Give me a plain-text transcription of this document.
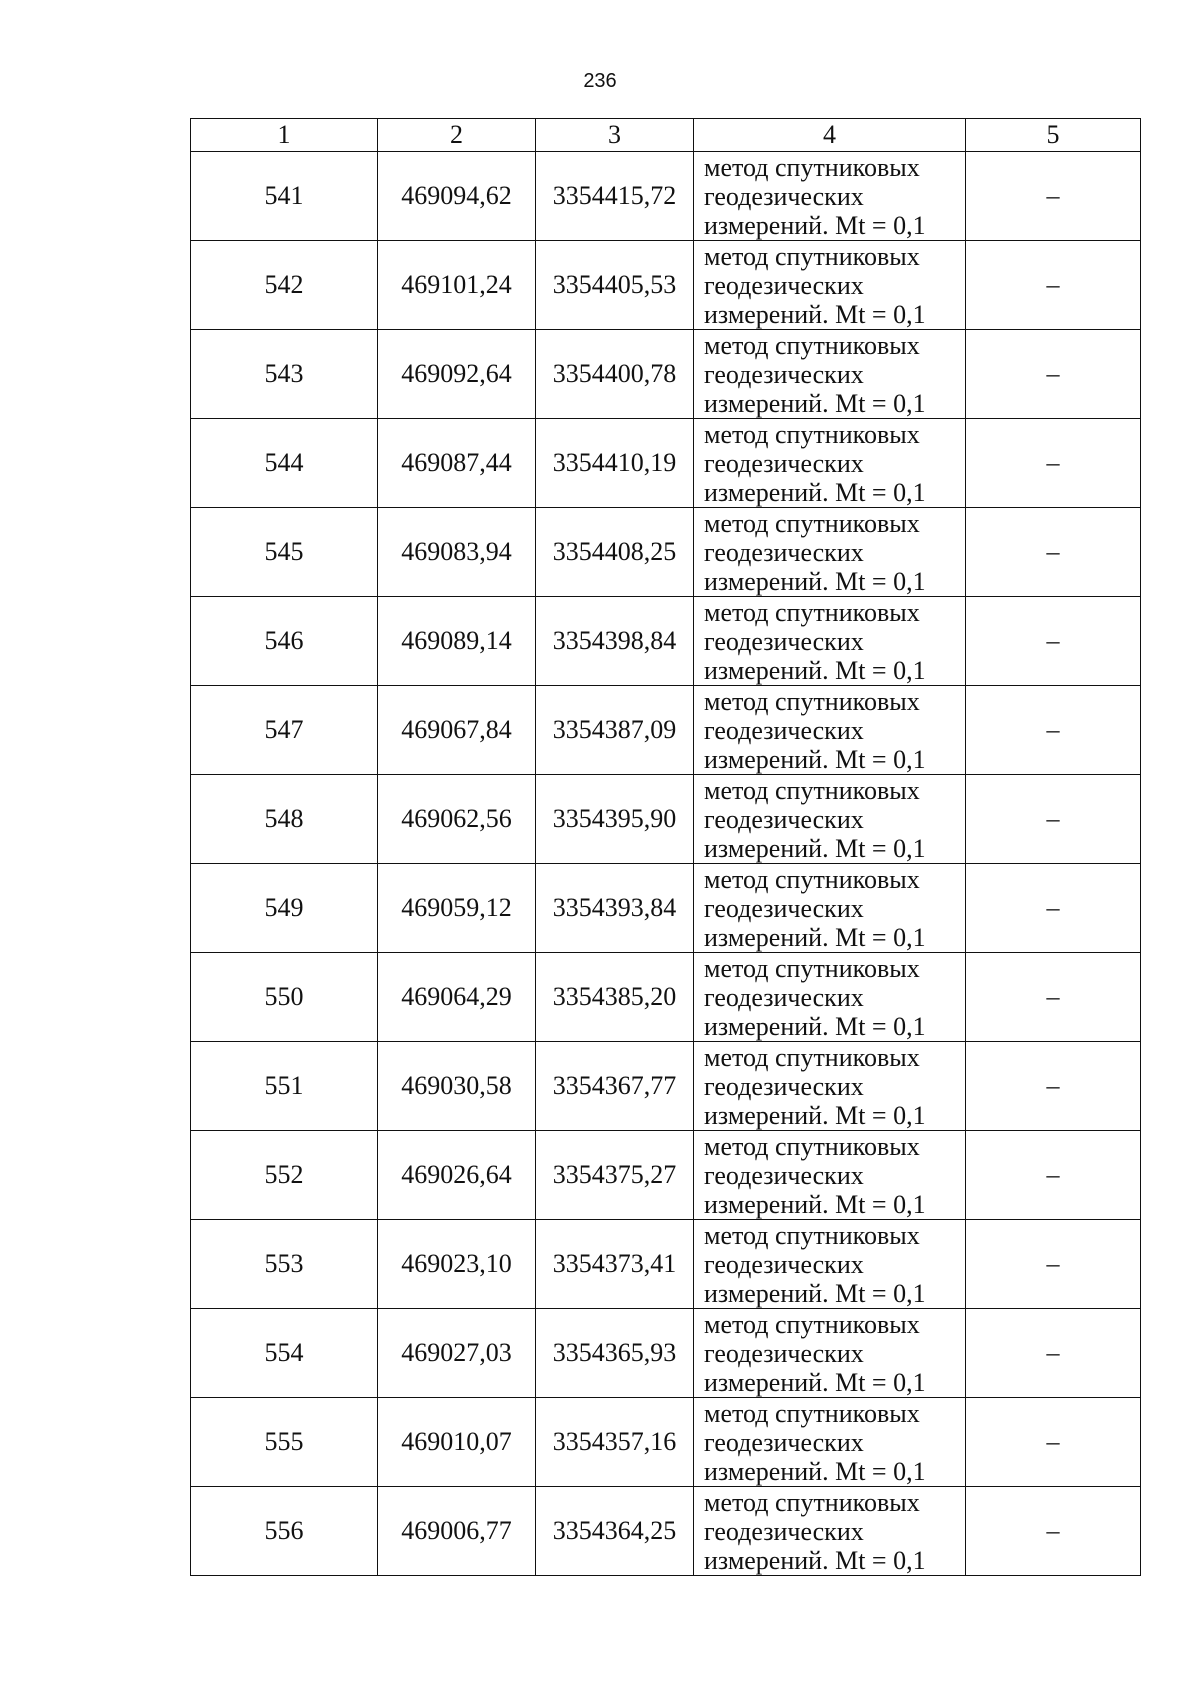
236
1	2	3	4	5
541	469094,62	3354415,72	метод спутниковых
геодезических
измерений. Mt = 0,1	–
542	469101,24	3354405,53	метод спутниковых
геодезических
измерений. Mt = 0,1	–
543	469092,64	3354400,78	метод спутниковых
геодезических
измерений. Mt = 0,1	–
544	469087,44	3354410,19	метод спутниковых
геодезических
измерений. Mt = 0,1	–
545	469083,94	3354408,25	метод спутниковых
геодезических
измерений. Mt = 0,1	–
546	469089,14	3354398,84	метод спутниковых
геодезических
измерений. Mt = 0,1	–
547	469067,84	3354387,09	метод спутниковых
геодезических
измерений. Mt = 0,1	–
548	469062,56	3354395,90	метод спутниковых
геодезических
измерений. Mt = 0,1	–
549	469059,12	3354393,84	метод спутниковых
геодезических
измерений. Mt = 0,1	–
550	469064,29	3354385,20	метод спутниковых
геодезических
измерений. Mt = 0,1	–
551	469030,58	3354367,77	метод спутниковых
геодезических
измерений. Mt = 0,1	–
552	469026,64	3354375,27	метод спутниковых
геодезических
измерений. Mt = 0,1	–
553	469023,10	3354373,41	метод спутниковых
геодезических
измерений. Mt = 0,1	–
554	469027,03	3354365,93	метод спутниковых
геодезических
измерений. Mt = 0,1	–
555	469010,07	3354357,16	метод спутниковых
геодезических
измерений. Mt = 0,1	–
556	469006,77	3354364,25	метод спутниковых
геодезических
измерений. Mt = 0,1	–
